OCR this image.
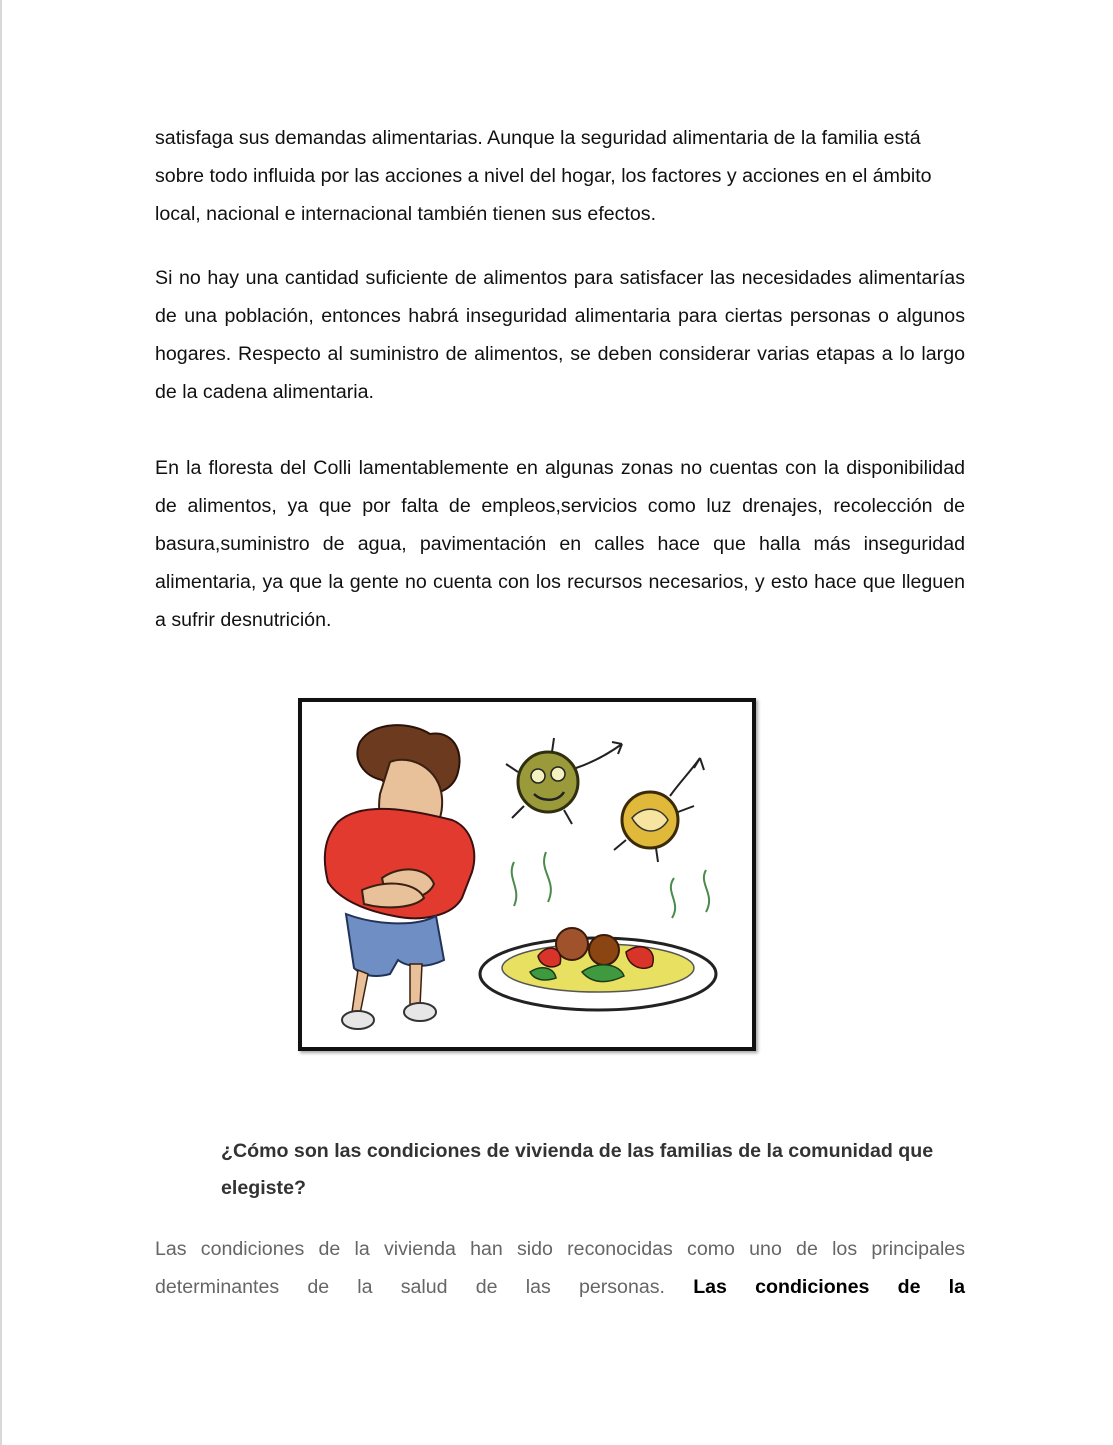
satisfaga sus demandas alimentarias. Aunque la seguridad alimentaria de la familia está sobre todo influida por las acciones a nivel del hogar, los factores y acciones en el ámbito local, nacional e internacional también tienen sus efectos.
Si no hay una cantidad suficiente de alimentos para satisfacer las necesidades alimentarías de una población, entonces habrá inseguridad alimentaria para ciertas personas o algunos hogares. Respecto al suministro de alimentos, se deben considerar varias etapas a lo largo de la cadena alimentaria.
En la floresta del Colli lamentablemente en algunas zonas no cuentas con la disponibilidad de alimentos, ya que por falta de empleos,servicios como luz drenajes, recolección de basura,suministro de agua, pavimentación en calles hace que halla más inseguridad alimentaria, ya que la gente no cuenta con los recursos necesarios, y esto hace que lleguen a sufrir desnutrición.
¿Cómo son las condiciones de vivienda de las familias de la comunidad que elegiste?
Las condiciones de la vivienda han sido reconocidas como uno de los principales determinantes de la salud de las personas. Las condiciones de la
